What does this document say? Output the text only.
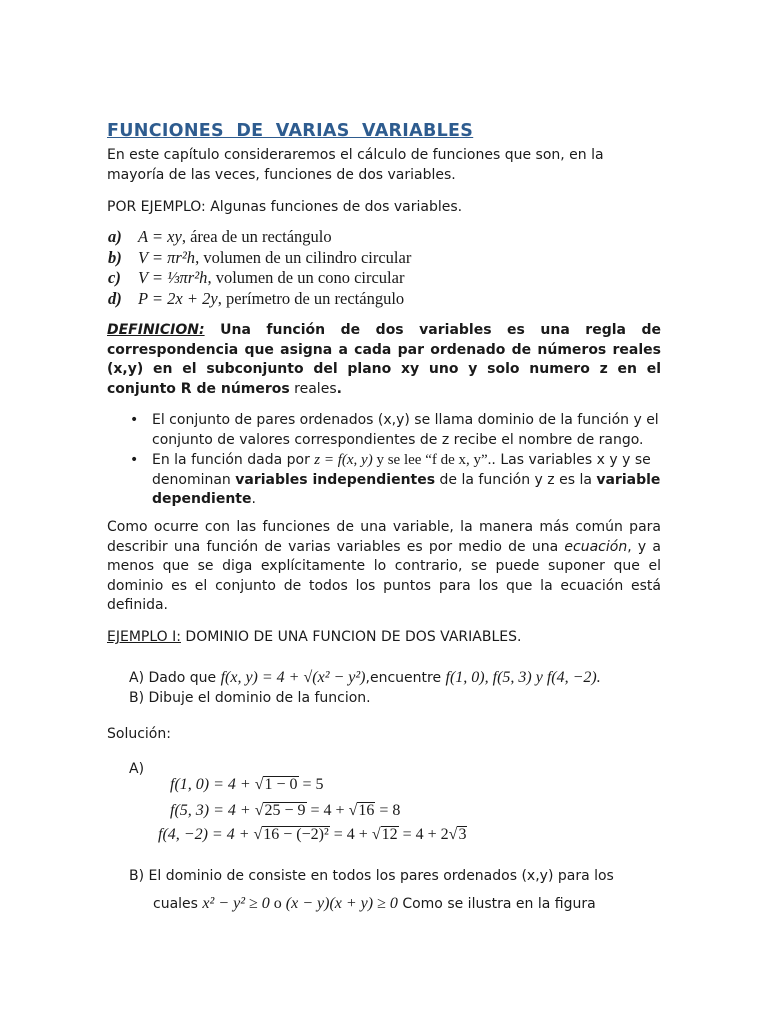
FUNCIONES DE VARIAS VARIABLES
En este capítulo consideraremos el cálculo de funciones que son, en la mayoría de las veces, funciones de dos variables.
POR EJEMPLO: Algunas funciones de dos variables.
a) A = xy, área de un rectángulo
b) V = πr²h, volumen de un cilindro circular
c) V = ⅓πr²h, volumen de un cono circular
d) P = 2x + 2y, perímetro de un rectángulo
DEFINICION: Una función de dos variables es una regla de correspondencia que asigna a cada par ordenado de números reales (x,y) en el subconjunto del plano xy uno y solo numero z en el conjunto R de números reales.
• El conjunto de pares ordenados (x,y) se llama dominio de la función y el conjunto de valores correspondientes de z recibe el nombre de rango.
• En la función dada por z = f(x, y) y se lee “f de x, y”.. Las variables x y y se denominan variables independientes de la función y z es la variable dependiente.
Como ocurre con las funciones de una variable, la manera más común para describir una función de varias variables es por medio de una ecuación, y a menos que se diga explícitamente lo contrario, se puede suponer que el dominio es el conjunto de todos los puntos para los que la ecuación está definida.
EJEMPLO I: DOMINIO DE UNA FUNCION DE DOS VARIABLES.
A) Dado que f(x, y) = 4 + √(x² − y²),encuentre f(1, 0), f(5, 3) y f(4, −2).
B) Dibuje el dominio de la funcion.
Solución:
A)
f(1, 0) = 4 + √1 − 0 = 5
f(5, 3) = 4 + √25 − 9 = 4 + √16 = 8
f(4, −2) = 4 + √16 − (−2)² = 4 + √12 = 4 + 2√3
B) El dominio de consiste en todos los pares ordenados (x,y) para los
cuales x² − y² ≥ 0 o (x − y)(x + y) ≥ 0 Como se ilustra en la figura
